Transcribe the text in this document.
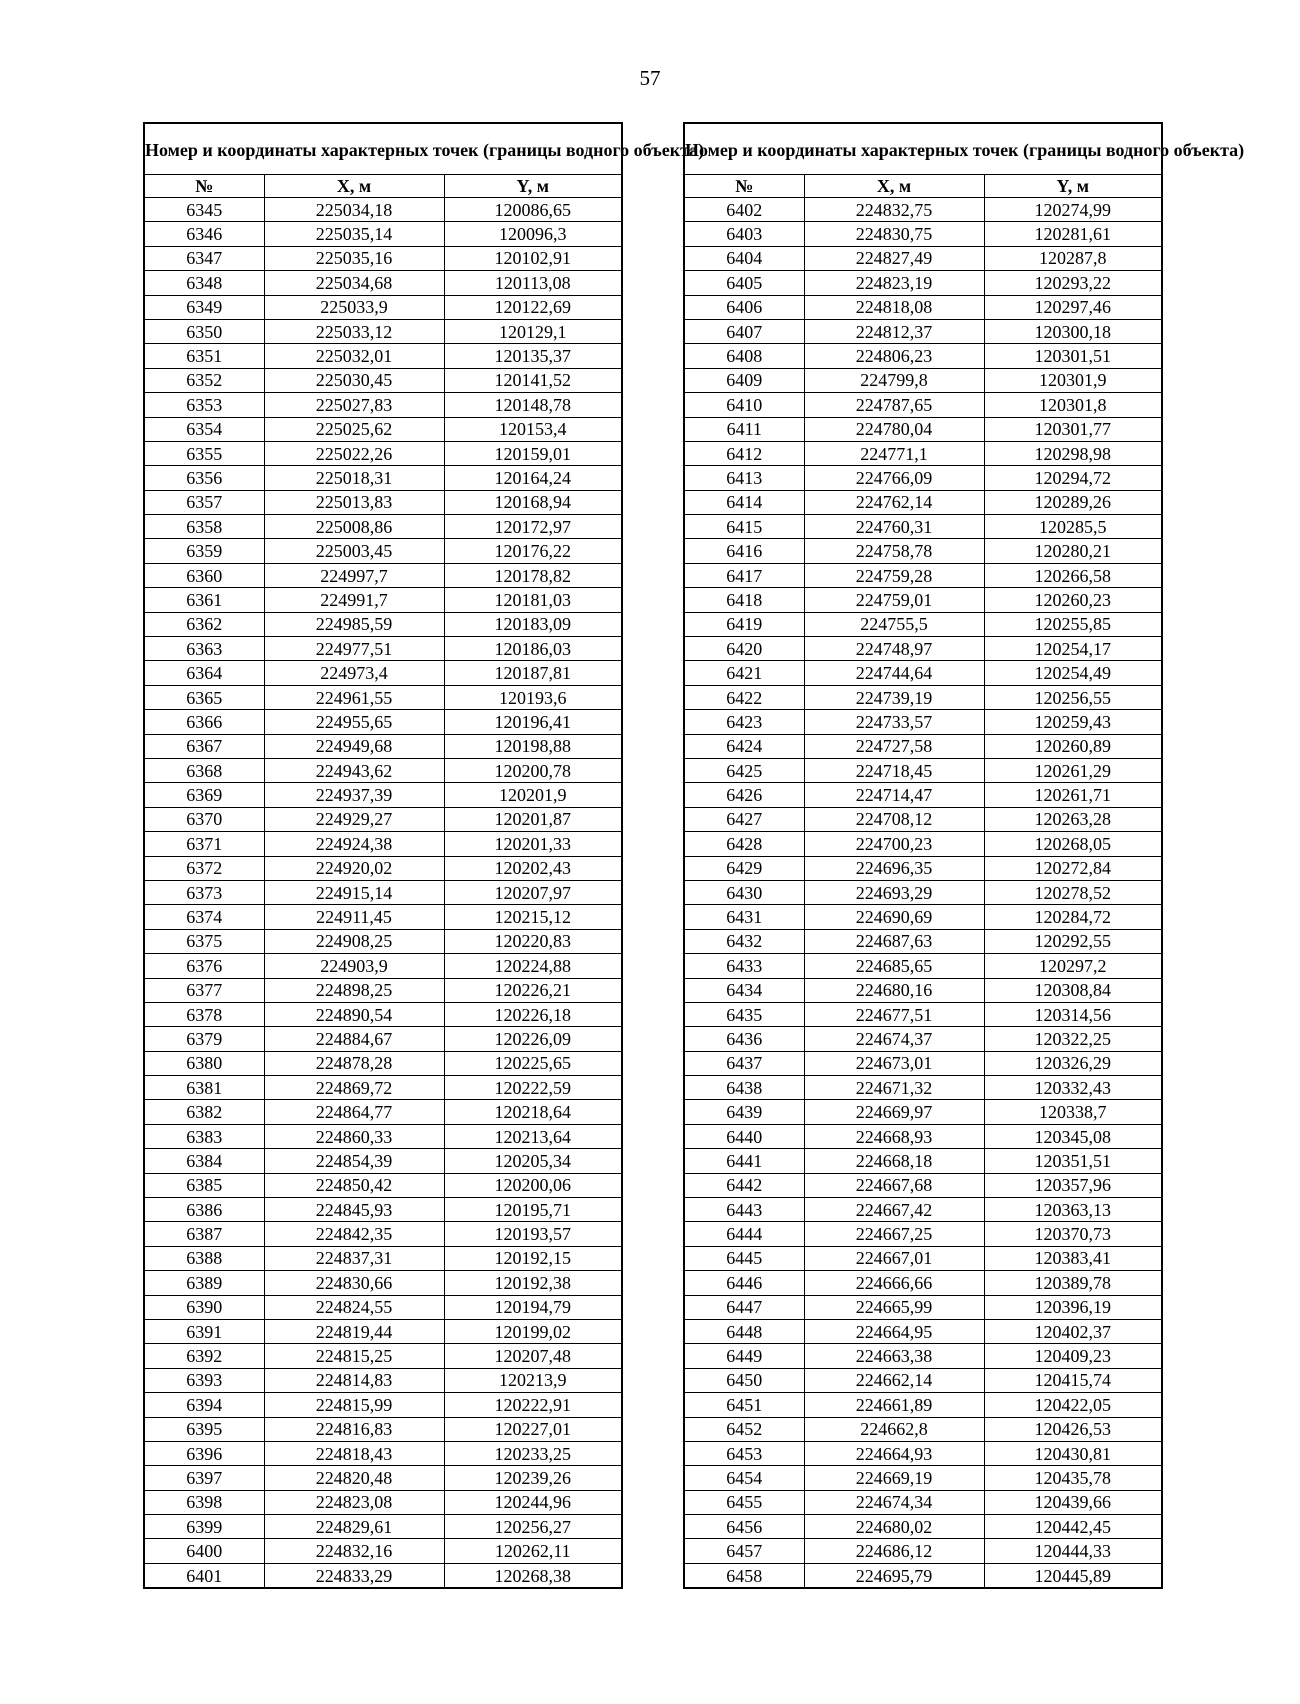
57
Номер и координаты характерных точек (границы водного объекта)		
№	X, м	Y, м
6345	225034,18	120086,65
6346	225035,14	120096,3
6347	225035,16	120102,91
6348	225034,68	120113,08
6349	225033,9	120122,69
6350	225033,12	120129,1
6351	225032,01	120135,37
6352	225030,45	120141,52
6353	225027,83	120148,78
6354	225025,62	120153,4
6355	225022,26	120159,01
6356	225018,31	120164,24
6357	225013,83	120168,94
6358	225008,86	120172,97
6359	225003,45	120176,22
6360	224997,7	120178,82
6361	224991,7	120181,03
6362	224985,59	120183,09
6363	224977,51	120186,03
6364	224973,4	120187,81
6365	224961,55	120193,6
6366	224955,65	120196,41
6367	224949,68	120198,88
6368	224943,62	120200,78
6369	224937,39	120201,9
6370	224929,27	120201,87
6371	224924,38	120201,33
6372	224920,02	120202,43
6373	224915,14	120207,97
6374	224911,45	120215,12
6375	224908,25	120220,83
6376	224903,9	120224,88
6377	224898,25	120226,21
6378	224890,54	120226,18
6379	224884,67	120226,09
6380	224878,28	120225,65
6381	224869,72	120222,59
6382	224864,77	120218,64
6383	224860,33	120213,64
6384	224854,39	120205,34
6385	224850,42	120200,06
6386	224845,93	120195,71
6387	224842,35	120193,57
6388	224837,31	120192,15
6389	224830,66	120192,38
6390	224824,55	120194,79
6391	224819,44	120199,02
6392	224815,25	120207,48
6393	224814,83	120213,9
6394	224815,99	120222,91
6395	224816,83	120227,01
6396	224818,43	120233,25
6397	224820,48	120239,26
6398	224823,08	120244,96
6399	224829,61	120256,27
6400	224832,16	120262,11
6401	224833,29	120268,38
Номер и координаты характерных точек (границы водного объекта)		
№	X, м	Y, м
6402	224832,75	120274,99
6403	224830,75	120281,61
6404	224827,49	120287,8
6405	224823,19	120293,22
6406	224818,08	120297,46
6407	224812,37	120300,18
6408	224806,23	120301,51
6409	224799,8	120301,9
6410	224787,65	120301,8
6411	224780,04	120301,77
6412	224771,1	120298,98
6413	224766,09	120294,72
6414	224762,14	120289,26
6415	224760,31	120285,5
6416	224758,78	120280,21
6417	224759,28	120266,58
6418	224759,01	120260,23
6419	224755,5	120255,85
6420	224748,97	120254,17
6421	224744,64	120254,49
6422	224739,19	120256,55
6423	224733,57	120259,43
6424	224727,58	120260,89
6425	224718,45	120261,29
6426	224714,47	120261,71
6427	224708,12	120263,28
6428	224700,23	120268,05
6429	224696,35	120272,84
6430	224693,29	120278,52
6431	224690,69	120284,72
6432	224687,63	120292,55
6433	224685,65	120297,2
6434	224680,16	120308,84
6435	224677,51	120314,56
6436	224674,37	120322,25
6437	224673,01	120326,29
6438	224671,32	120332,43
6439	224669,97	120338,7
6440	224668,93	120345,08
6441	224668,18	120351,51
6442	224667,68	120357,96
6443	224667,42	120363,13
6444	224667,25	120370,73
6445	224667,01	120383,41
6446	224666,66	120389,78
6447	224665,99	120396,19
6448	224664,95	120402,37
6449	224663,38	120409,23
6450	224662,14	120415,74
6451	224661,89	120422,05
6452	224662,8	120426,53
6453	224664,93	120430,81
6454	224669,19	120435,78
6455	224674,34	120439,66
6456	224680,02	120442,45
6457	224686,12	120444,33
6458	224695,79	120445,89
